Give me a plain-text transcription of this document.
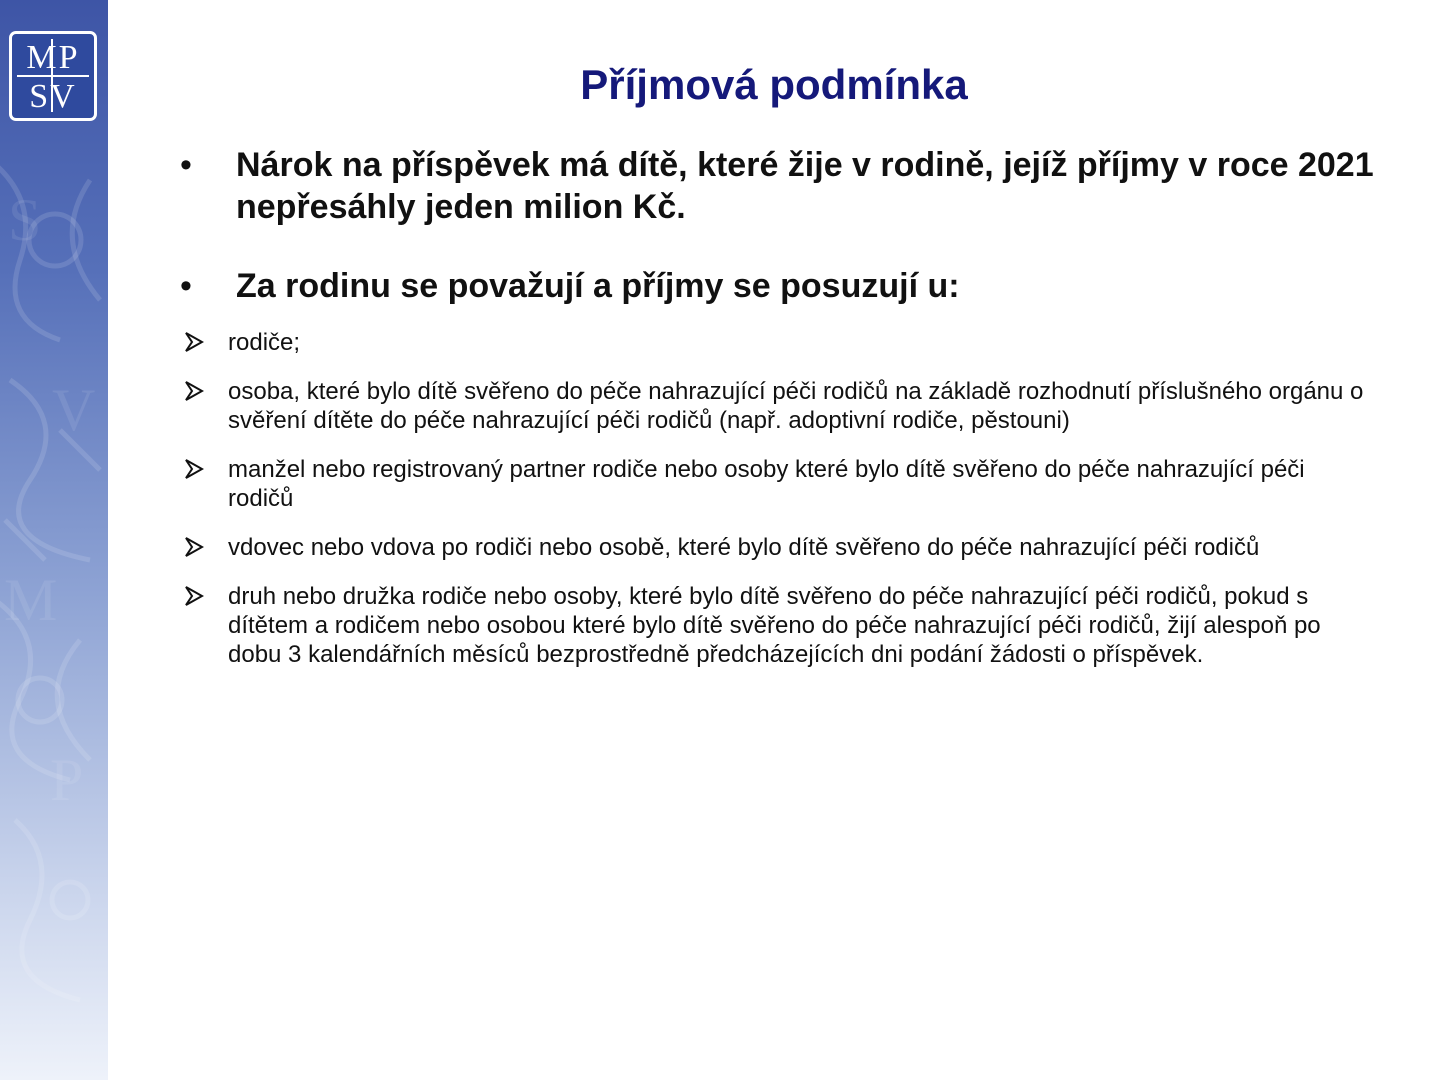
S
V
M
P
MP
SV	Příjmová podmínka
• Nárok na příspěvek má dítě, které žije v rodině, jejíž příjmy v roce 2021 nepřesáhly jeden milion Kč.
• Za rodinu se považují a příjmy se posuzují u:
rodiče;
osoba, které bylo dítě svěřeno do péče nahrazující péči rodičů na základě rozhodnutí příslušného orgánu o svěření dítěte do péče nahrazující péči rodičů (např. adoptivní rodiče, pěstouni)
manžel nebo registrovaný partner rodiče nebo osoby které bylo dítě svěřeno do péče nahrazující péči rodičů
vdovec nebo vdova po rodiči nebo osobě, které bylo dítě svěřeno do péče nahrazující péči rodičů
druh nebo družka rodiče nebo osoby, které bylo dítě svěřeno do péče nahrazující péči rodičů, pokud s dítětem a rodičem nebo osobou které bylo dítě svěřeno do péče nahrazující péči rodičů, žijí alespoň po dobu 3 kalendářních měsíců bezprostředně předcházejících dni podání žádosti o příspěvek.
